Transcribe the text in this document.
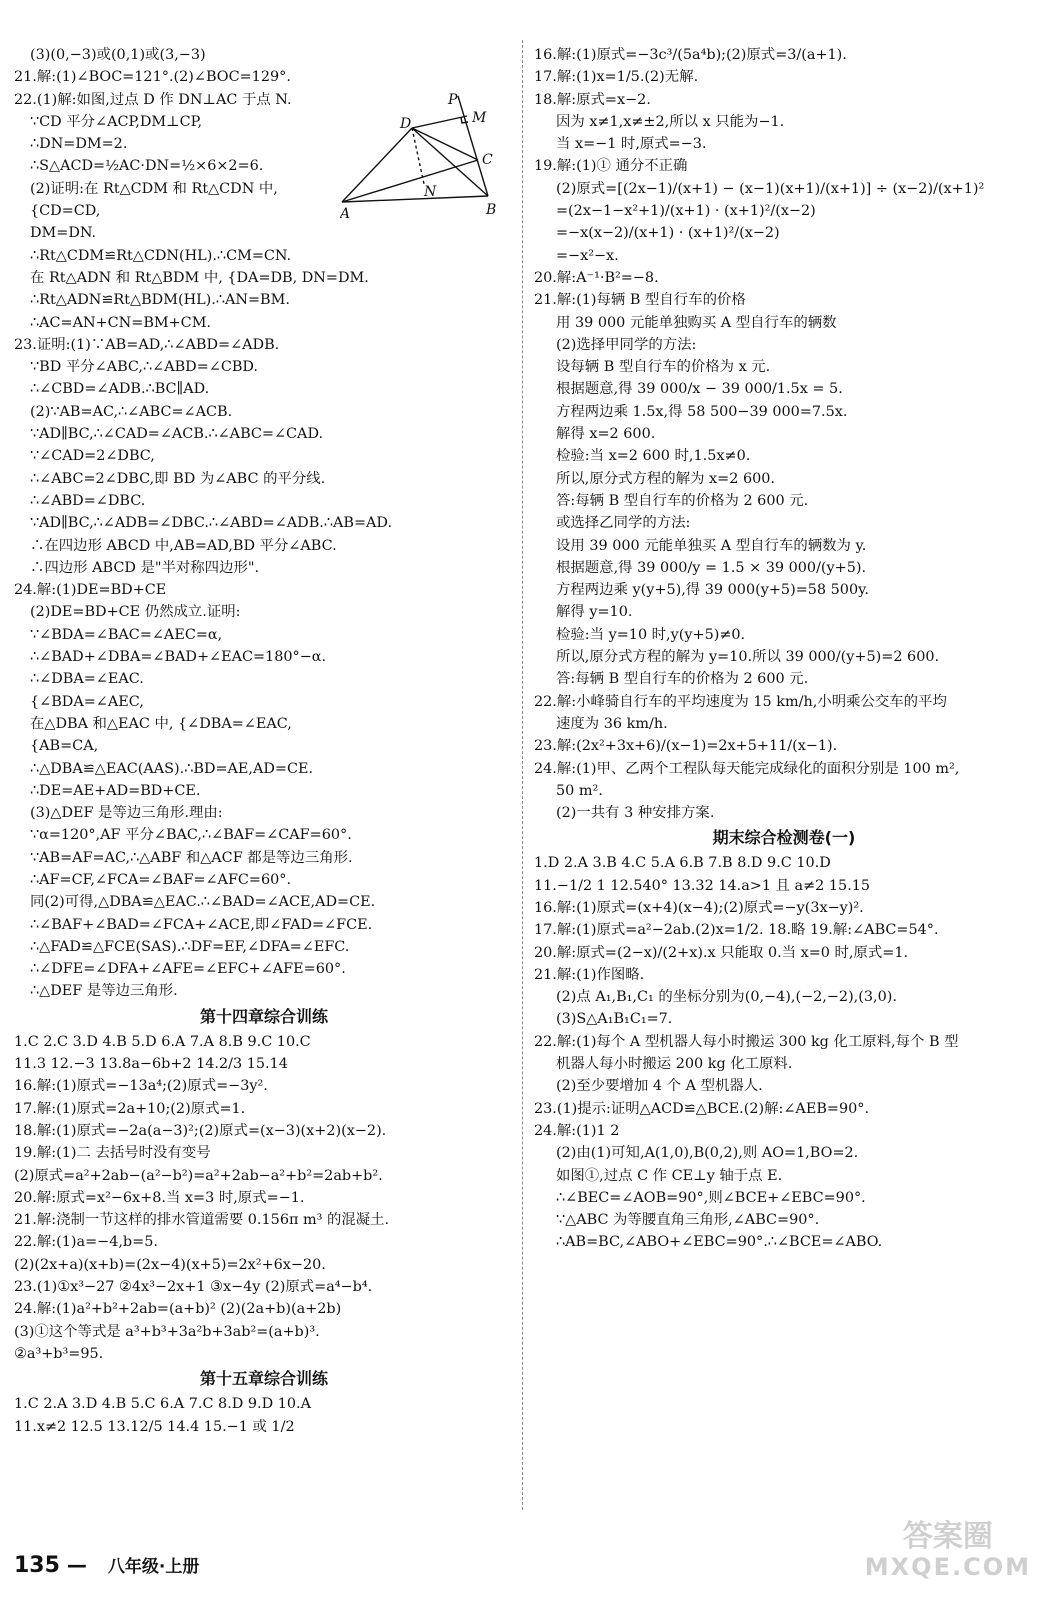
(3)(0,−3)或(0,1)或(3,−3)
21.解:(1)∠BOC=121°.(2)∠BOC=129°.
22.(1)解:如图,过点 D 作 DN⊥AC 于点 N.
∵CD 平分∠ACP,DM⊥CP,
∴DN=DM=2.
∴S△ACD=½AC·DN=½×6×2=6.
(2)证明:在 Rt△CDM 和 Rt△CDN 中,
{CD=CD,
DM=DN.
∴Rt△CDM≌Rt△CDN(HL).∴CM=CN.
在 Rt△ADN 和 Rt△BDM 中, {DA=DB, DN=DM.
∴Rt△ADN≌Rt△BDM(HL).∴AN=BM.
∴AC=AN+CN=BM+CM.
23.证明:(1)∵AB=AD,∴∠ABD=∠ADB.
∵BD 平分∠ABC,∴∠ABD=∠CBD.
∴∠CBD=∠ADB.∴BC∥AD.
(2)∵AB=AC,∴∠ABC=∠ACB.
∵AD∥BC,∴∠CAD=∠ACB.∴∠ABC=∠CAD.
∵∠CAD=2∠DBC,
∴∠ABC=2∠DBC,即 BD 为∠ABC 的平分线.
∴∠ABD=∠DBC.
∵AD∥BC,∴∠ADB=∠DBC.∴∠ABD=∠ADB.∴AB=AD.
∴在四边形 ABCD 中,AB=AD,BD 平分∠ABC.
∴四边形 ABCD 是"半对称四边形".
24.解:(1)DE=BD+CE
(2)DE=BD+CE 仍然成立.证明:
∵∠BDA=∠BAC=∠AEC=α,
∴∠BAD+∠DBA=∠BAD+∠EAC=180°−α.
∴∠DBA=∠EAC.
{∠BDA=∠AEC,
在△DBA 和△EAC 中, {∠DBA=∠EAC,
{AB=CA,
∴△DBA≌△EAC(AAS).∴BD=AE,AD=CE.
∴DE=AE+AD=BD+CE.
(3)△DEF 是等边三角形.理由:
∵α=120°,AF 平分∠BAC,∴∠BAF=∠CAF=60°.
∵AB=AF=AC,∴△ABF 和△ACF 都是等边三角形.
∴AF=CF,∠FCA=∠BAF=∠AFC=60°.
同(2)可得,△DBA≌△EAC.∴∠BAD=∠ACE,AD=CE.
∴∠BAF+∠BAD=∠FCA+∠ACE,即∠FAD=∠FCE.
∴△FAD≌△FCE(SAS).∴DF=EF,∠DFA=∠EFC.
∴∠DFE=∠DFA+∠AFE=∠EFC+∠AFE=60°.
∴△DEF 是等边三角形.
第十四章综合训练
1.C 2.C 3.D 4.B 5.D 6.A 7.A 8.B 9.C 10.C
11.3 12.−3 13.8a−6b+2 14.2/3 15.14
16.解:(1)原式=−13a⁴;(2)原式=−3y².
17.解:(1)原式=2a+10;(2)原式=1.
18.解:(1)原式=−2a(a−3)²;(2)原式=(x−3)(x+2)(x−2).
19.解:(1)二 去括号时没有变号
(2)原式=a²+2ab−(a²−b²)=a²+2ab−a²+b²=2ab+b².
20.解:原式=x²−6x+8.当 x=3 时,原式=−1.
21.解:浇制一节这样的排水管道需要 0.156π m³ 的混凝土.
22.解:(1)a=−4,b=5.
(2)(2x+a)(x+b)=(2x−4)(x+5)=2x²+6x−20.
23.(1)①x³−27 ②4x³−2x+1 ③x−4y (2)原式=a⁴−b⁴.
24.解:(1)a²+b²+2ab=(a+b)² (2)(2a+b)(a+2b)
(3)①这个等式是 a³+b³+3a²b+3ab²=(a+b)³.
②a³+b³=95.
第十五章综合训练
1.C 2.A 3.D 4.B 5.C 6.A 7.C 8.D 9.D 10.A
11.x≠2 12.5 13.12/5 14.4 15.−1 或 1/2
P
M
D
C
N
A	B
16.解:(1)原式=−3c³/(5a⁴b);(2)原式=3/(a+1).
17.解:(1)x=1/5.(2)无解.
18.解:原式=x−2.
因为 x≠1,x≠±2,所以 x 只能为−1.
当 x=−1 时,原式=−3.
19.解:(1)① 通分不正确
(2)原式=[(2x−1)/(x+1) − (x−1)(x+1)/(x+1)] ÷ (x−2)/(x+1)²
=(2x−1−x²+1)/(x+1) · (x+1)²/(x−2)
=−x(x−2)/(x+1) · (x+1)²/(x−2)
=−x²−x.
20.解:A⁻¹·B²=−8.
21.解:(1)每辆 B 型自行车的价格
用 39 000 元能单独购买 A 型自行车的辆数
(2)选择甲同学的方法:
设每辆 B 型自行车的价格为 x 元.
根据题意,得 39 000/x − 39 000/1.5x = 5.
方程两边乘 1.5x,得 58 500−39 000=7.5x.
解得 x=2 600.
检验:当 x=2 600 时,1.5x≠0.
所以,原分式方程的解为 x=2 600.
答:每辆 B 型自行车的价格为 2 600 元.
或选择乙同学的方法:
设用 39 000 元能单独买 A 型自行车的辆数为 y.
根据题意,得 39 000/y = 1.5 × 39 000/(y+5).
方程两边乘 y(y+5),得 39 000(y+5)=58 500y.
解得 y=10.
检验:当 y=10 时,y(y+5)≠0.
所以,原分式方程的解为 y=10.所以 39 000/(y+5)=2 600.
答:每辆 B 型自行车的价格为 2 600 元.
22.解:小峰骑自行车的平均速度为 15 km/h,小明乘公交车的平均
速度为 36 km/h.
23.解:(2x²+3x+6)/(x−1)=2x+5+11/(x−1).
24.解:(1)甲、乙两个工程队每天能完成绿化的面积分别是 100 m²,
50 m².
(2)一共有 3 种安排方案.
期末综合检测卷(一)
1.D 2.A 3.B 4.C 5.A 6.B 7.B 8.D 9.C 10.D
11.−1/2 1 12.540° 13.32 14.a>1 且 a≠2 15.15
16.解:(1)原式=(x+4)(x−4);(2)原式=−y(3x−y)².
17.解:(1)原式=a²−2ab.(2)x=1/2. 18.略 19.解:∠ABC=54°.
20.解:原式=(2−x)/(2+x).x 只能取 0.当 x=0 时,原式=1.
21.解:(1)作图略.
(2)点 A₁,B₁,C₁ 的坐标分别为(0,−4),(−2,−2),(3,0).
(3)S△A₁B₁C₁=7.
22.解:(1)每个 A 型机器人每小时搬运 300 kg 化工原料,每个 B 型
机器人每小时搬运 200 kg 化工原料.
(2)至少要增加 4 个 A 型机器人.
23.(1)提示:证明△ACD≌△BCE.(2)解:∠AEB=90°.
24.解:(1)1 2
(2)由(1)可知,A(1,0),B(0,2),则 AO=1,BO=2.
如图①,过点 C 作 CE⊥y 轴于点 E.
∴∠BEC=∠AOB=90°,则∠BCE+∠EBC=90°.
∵△ABC 为等腰直角三角形,∠ABC=90°.
∴AB=BC,∠ABO+∠EBC=90°.∴∠BCE=∠ABO.
135 — 八年级·上册
答案圈
MXQE.COM
